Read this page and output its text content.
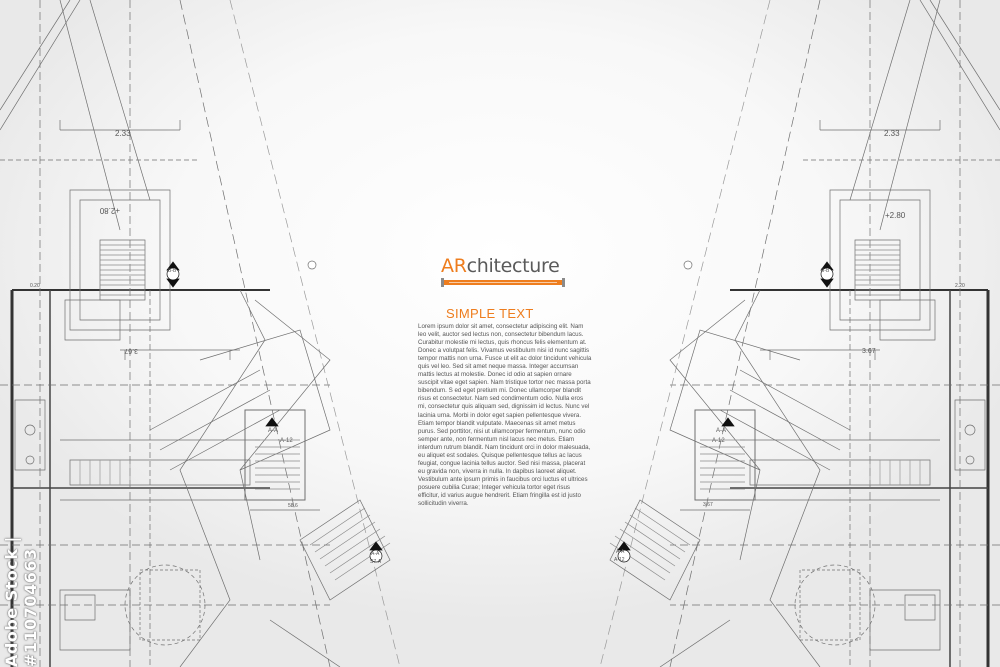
2.33	2.33
+2.80
+2.80
3.67	3.67
B-B	B-B
A-A
A-12
A-A
A-12
A-A
S7-A
A-A
A-12
0.20	2.20
3.67
58.6
ARchitecture
SIMPLE TEXT

Lorem ipsum dolor sit amet, consectetur adipiscing elit. Nam leo velit, auctor sed lectus non, consectetur bibendum lacus. Curabitur molestie mi lectus, quis rhoncus felis elementum at. Donec a volutpat felis. Vivamus vestibulum nisi id nunc sagittis tempor mattis non urna. Fusce ut elit ac dolor tincidunt vehicula quis vel leo. Sed sit amet neque massa. Integer accumsan mattis lectus at molestie. Donec id odio at sapien ornare suscipit vitae eget sapien. Nam tristique tortor nec massa porta bibendum. S ed eget pretium mi. Donec ullamcorper blandit risus et consectetur. Nam sed condimentum odio. Nulla eros mi, consectetur quis aliquam sed, dignissim id lectus. Nunc vel lacinia urna. Morbi in dolor eget sapien pellentesque vivera.

Etiam tempor blandit vulputate. Maecenas sit amet metus purus. Sed porttitor, nisi ut ullamcorper fermentum, nunc odio semper ante, non fermentum nisl lacus nec metus. Etiam interdum rutrum blandit. Nam tincidunt orci in dolor malesuada, eu aliquet est sodales. Quisque pellentesque tellus ac lacus feugiat, congue lacinia tellus auctor. Sed nisi massa, placerat eu gravida non, viverra in nulla. In dapibus laoreet aliquet. Vestibulum ante ipsum primis in faucibus orci luctus et ultrices posuere cubilia Curae; Integer vehicula tortor eget risus efficitur, id varius augue hendrerit. Etiam fringilla est id justo sollicitudin viverra.

Adobe Stock | #110704663
